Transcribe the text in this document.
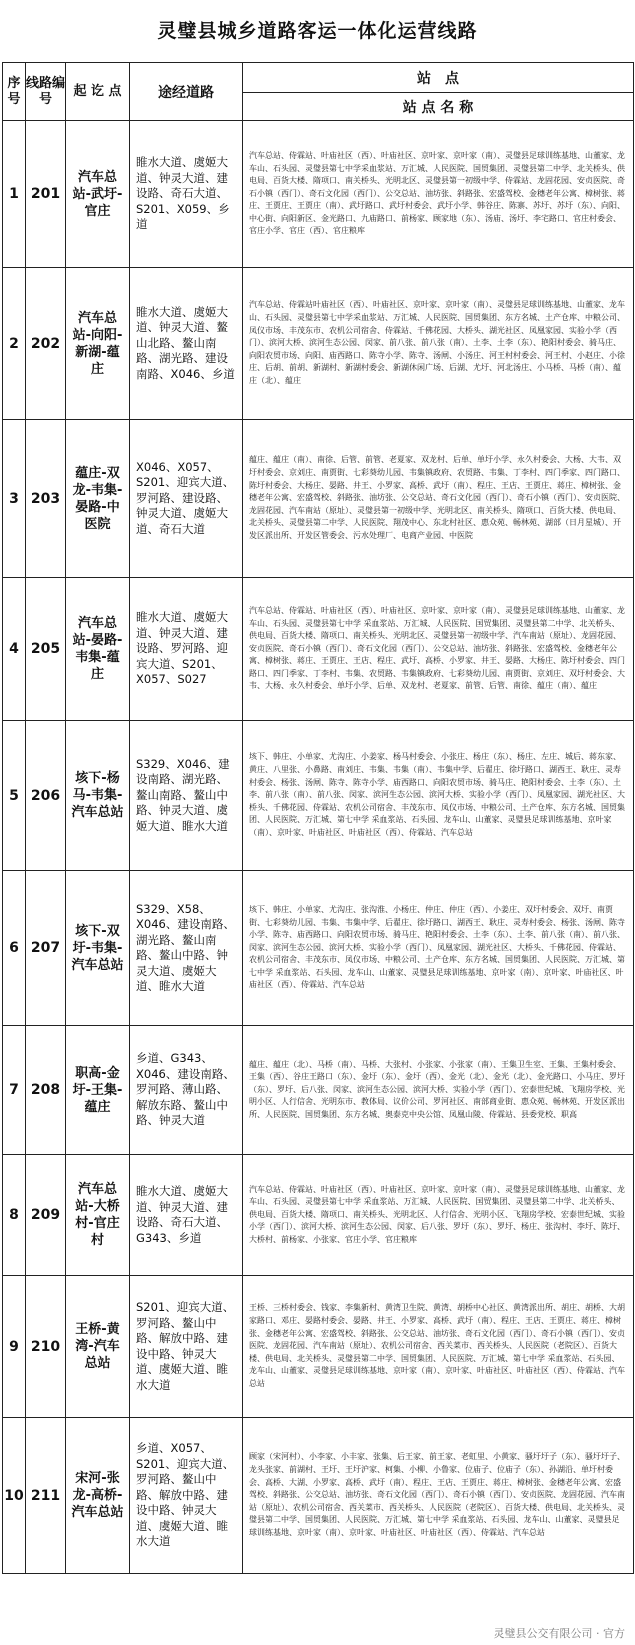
灵璧县城乡道路客运一体化运营线路
序号	线路编号	起 讫 点	途经道路	站　点
				站 点 名 称
1	201	汽车总站-武圩-官庄	睢水大道、虞姬大道、钟灵大道、建设路、奇石大道、S201、X059、乡道	汽车总站、侍霖站、叶庙社区（西）、叶庙社区、京叶家、京叶家（南）、灵璧县足球训练基地、山董家、龙车山、石头园、灵璧县第七中学采血浆站、万汇城、人民医院、国贸集团、灵璧县第二中学、北关桥头、供电局、百货大楼、隋项口、南关桥头、光明北区、灵璧县第一初级中学、侍霖站、龙固花园、安贞医院、奇石小镇（西门）、奇石文化园（西门）、公交总站、油坊张、斜路张、宏盛驾校、金穗老年公寓、樟树张、蒋庄、王贾庄、王贾庄（南）、武圩路口、武圩村委会、武圩小学、韩谷庄、陈寨、苏圩、苏圩（东）、向阳、中心街、向阳新区、金光路口、九庙路口、前杨家、顾家地（东）、汤庙、汤圩、李宅路口、官庄村委会、官庄小学、官庄（西）、官庄粮库
2	202	汽车总站-向阳-新湖-蕴庄	睢水大道、虞姬大道、钟灵大道、鳌山北路、鳌山南路、湖光路、建设南路、X046、乡道	汽车总站、侍霖站叶庙社区（西）、叶庙社区、京叶家、京叶家（南）、灵璧县足球训练基地、山董家、龙车山、石头园、灵璧县第七中学采血浆站、万汇城、人民医院、国贸集团、东方名城、土产仓库、中粮公司、凤仪市场、丰茂东市、农机公司宿舍、侍霖站、千佛花园、大桥头、湖光社区、凤凰家园、实验小学（西门）、滨河大桥、滨河生态公园、闵家、前八张、前八张（南）、土李、土李（东）、艳阳村委会、骑马庄、向阳农贸市场、向阳、庙西路口、陈寺小学、陈寺、汤闸、小汤庄、河王村村委会、河王村、小赵庄、小徐庄、后胡、前胡、新湖村、新湖村委会、新湖休闲广场、后湖、尤圩、河北汤庄、小马桥、马桥（南）、蕴庄（北）、蕴庄
3	203	蕴庄-双龙-韦集-晏路-中医院	X046、X057、S201、迎宾大道、罗河路、建设路、钟灵大道、虞姬大道、奇石大道	蕴庄、蕴庄（南）、南徐、后管、前管、老夏家、双龙村、后单、单圩小学、永久村委会、大杨、大韦、双圩村委会、京刘庄、南贾街、七彩葵幼儿园、韦集镇政府、农贸路、韦集、丁李村、四门季家、四门路口、陈圩村委会、大杨庄、晏路、井王、小罗家、高桥、武圩（南）、程庄、王店、王贾庄、蒋庄、樟树张、金穗老年公寓、宏盛驾校、斜路张、油坊张、公交总站、奇石文化园（西门）、奇石小镇（西门）、安贞医院、龙固花园、汽车南站（原址）、灵璧县第一初级中学、光明北区、南关桥头、隋项口、百货大楼、供电局、北关桥头、灵璧县第二中学、人民医院、翔茂中心、东北村社区、惠众苑、畅林苑、湖部（日月星城）、开发区派出所、开发区管委会、污水处理厂、电商产业园、中医院
4	205	汽车总站-晏路-韦集-蕴庄	睢水大道、虞姬大道、钟灵大道、建设路、罗河路、迎宾大道、S201、X057、S027	汽车总站、侍霖站、叶庙社区（西）、叶庙社区、京叶家、京叶家（南）、灵璧县足球训练基地、山董家、龙车山、石头园、灵璧县第七中学 采血浆站、万汇城、人民医院、国贸集团、灵璧县第二中学、北关桥头、供电局、百货大楼、隋项口、南关桥头、光明北区、灵璧县第一初级中学、汽车南站（原址）、龙固花园、安贞医院、奇石小镇（西门）、奇石文化园（西门）、公交总站、油坊张、斜路张、宏盛驾校、金穗老年公寓、樟树张、蒋庄、王贾庄、王店、程庄、武圩、高桥、小罗家、井王、晏路、大杨庄、陈圩村委会、四门路口、四门季家、丁李村、韦集、农贸路、韦集镇政府、七彩葵幼儿园、南贾街、京刘庄、双圩村委会、大韦、大杨、永久村委会、单圩小学、后单、双龙村、老夏家、前管、后管、南徐、蕴庄（南）、蕴庄
5	206	垓下-杨马-韦集-汽车总站	S329、X046、建设南路、湖光路、鳌山南路、鳌山中路、钟灵大道、虞姬大道、睢水大道	垓下、韩庄、小单家、尤沟庄、小姜家、杨马村委会、小张庄、杨庄（东）、杨庄、左庄、城后、蒋东家、黄庄、八里张、小鼻路、南刘庄、韦集、韦集（南）、韦集中学、后翟庄、徐圩路口、湖西王、耿庄、灵寿村委会、杨张、汤闸、陈寺、陈寺小学、庙西路口、向阳农贸市场、骑马庄、艳阳村委会、土李（东）、土李、前八张（南）、前八张、闵家、滨河生态公园、滨河大桥、实验小学（西门）、凤凰家园、湖光社区、大桥头、千佛花园、侍霖站、农机公司宿舍、丰茂东市、凤仪市场、中粮公司、土产仓库、东方名城、国贸集团、人民医院、万汇城、第七中学 采血浆站、石头园、龙车山、山董家、灵璧县足球训练基地、京叶家（南）、京叶家、叶庙社区、叶庙社区（西）、侍霖站、汽车总站
6	207	垓下-双圩-韦集-汽车总站	S329、X58、X046、建设南路、湖光路、鳌山南路、鳌山中路、钟灵大道、虞姬大道、睢水大道	垓下、韩庄、小单家、尤沟庄、张沟淮、小杨庄、仲庄、仲庄（西）、小姜庄、双圩村委会、双圩、南贾街、七彩葵幼儿园、韦集、韦集中学、后翟庄、徐圩路口、湖西王、耿庄、灵寿村委会、杨张、汤闸、陈寺小学、陈寺、庙西路口、向阳农贸市场、骑马庄、艳阳村委会、土李（东）、土李、前八张（南）、前八张、闵家、滨河生态公园、滨河大桥、实验小学（西门）、凤凰家园、湖光社区、大桥头、千佛花园、侍霖站、农机公司宿舍、丰茂东市、凤仪市场、中粮公司、土产仓库、东方名城、国贸集团、人民医院、万汇城、第七中学 采血浆站、石头园、龙车山、山董家、灵璧县足球训练基地、京叶家（南）、京叶家、叶庙社区、叶庙社区（西）、侍霖站、汽车总站
7	208	职高-金圩-王集-蕴庄	乡道、G343、X046、建设南路、罗河路、薄山路、解放东路、鳌山中路、钟灵大道	蕴庄、蕴庄（北）、马桥（南）、马桥、大张村、小张家、小张家（南）、王集卫生室、王集、王集村委会、王集（西）、谷庄王路口（东）、金圩（东）、金圩（西）、金光（北）、金光（北）、金光路口、小马庄、罗圩（东）、罗圩、后八张、闵家、滨河生态公园、滨河大桥、实验小学（西门）、宏泰世纪城、飞翔房学校、光明小区、人行信舍、光明东市、教体局、议价公司、罗河社区、南部商业街、惠众苑、畅林苑、开发区派出所、人民医院、国贸集团、东方名城、奥泰克中央公馆、凤凰山陵、侍霖站、县委党校、职高
8	209	汽车总站-大桥村-官庄村	睢水大道、虞姬大道、钟灵大道、建设路、奇石大道、G343、乡道	汽车总站、侍霖站、叶庙社区（西）、叶庙社区、京叶家、京叶家（南）、灵璧县足球训练基地、山董家、龙车山、石头园、灵璧县第七中学 采血浆站、万汇城、人民医院、国贸集团、灵璧县第二中学、北关桥头、供电局、百货大楼、隋项口、南关桥头、光明北区、人行信舍、光明小区、飞翔房学校、宏泰世纪城、实验小学（西门）、滨河大桥、滨河生态公园、闵家、后八张、罗圩（东）、罗圩、杨庄、张沟村、李圩、陈圩、大桥村、前杨家、小张家、官庄小学、官庄粮库
9	210	王桥-黄湾-汽车总站	S201、迎宾大道、罗河路、鳌山中路、解放中路、建设中路、钟灵大道、虞姬大道、睢水大道	王桥、三桥村委会、钱家、李集新村、黄湾卫生院、黄湾、胡桥中心社区、黄湾派出所、胡庄、胡桥、大胡家路口、邓庄、晏路村委会、晏路、井王、小罗家、高桥、武圩（南）、程庄、王店、王贾庄、蒋庄、樟树张、金穗老年公寓、宏盛驾校、斜路张、公交总站、油坊张、奇石文化园（西门）、奇石小镇（西门）、安贞医院、龙固花园、汽车南站（原址）、农机公司宿舍、西关菜市、西关桥头、人民医院（老院区）、百货大楼、供电局、北关桥头、灵璧县第二中学、国贸集团、人民医院、万汇城、第七中学 采血浆站、石头园、龙车山、山董家、灵璧县足球训练基地、京叶家（南）、京叶家、叶庙社区、叶庙社区（西）、侍霖站、汽车总站
10	211	宋河-张龙-高桥-汽车总站	乡道、X057、S201、迎宾大道、罗河路、鳌山中路、解放中路、建设中路、钟灵大道、虞姬大道、睢水大道	顾家（宋河村）、小李家、小丰家、张集、后王家、前王家、老虹里、小黄家、骚圩圩子（东）、骚圩圩子、龙头张家、前湖村、王圩、王圩沪家、柯集、小柳、小鲁家、位庙子、位庙子（东）、孙湖沿、单圩村委会、高桥、大湖、小罗家、高桥、武圩（南）、程庄、王店、王贾庄、蒋庄、樟树张、金穗老年公寓、宏盛驾校、斜路张、公交总站、油坊张、奇石文化园（西门）、奇石小镇（西门）、安贞医院、龙固花园、汽车南站（原址）、农机公司宿舍、西关菜市、西关桥头、人民医院（老院区）、百货大楼、供电局、北关桥头、灵璧县第二中学、国贸集团、人民医院、万汇城、第七中学 采血浆站、石头园、龙车山、山董家、灵璧县足球训练基地、京叶家（南）、京叶家、叶庙社区、叶庙社区（西）、侍霖站、汽车总站
灵璧县公交有限公司 · 官方
